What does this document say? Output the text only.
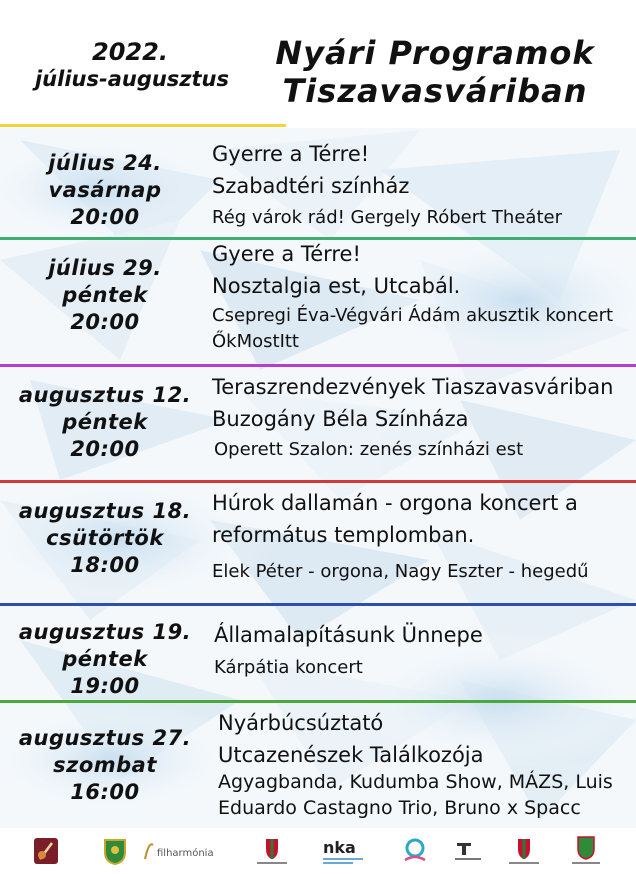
2022.
július-augusztus
Nyári Programok
Tiszavasváriban
július 24.
vasárnap
20:00
Gyerre a Térre!
Szabadtéri színház
Rég várok rád! Gergely Róbert Theáter
július 29.
péntek
20:00
Gyere a Térre!
Nosztalgia est, Utcabál.
Csepregi Éva-Végvári Ádám akusztik koncert
ŐkMostItt
augusztus 12.
péntek
20:00
Teraszrendezvények Tiaszavasváriban
Buzogány Béla Színháza
Operett Szalon: zenés színházi est
augusztus 18.
csütörtök
18:00
Húrok dallamán - orgona koncert a
református templomban.
Elek Péter - orgona, Nagy Eszter - hegedű
augusztus 19.
péntek
19:00
Államalapításunk Ünnepe
Kárpátia koncert
augusztus 27.
szombat
16:00
Nyárbúcsúztató
Utcazenészek Találkozója
Agyagbanda, Kudumba Show, MÁZS, Luis
Eduardo Castagno Trio, Bruno x Spacc
filharmónia	nka
